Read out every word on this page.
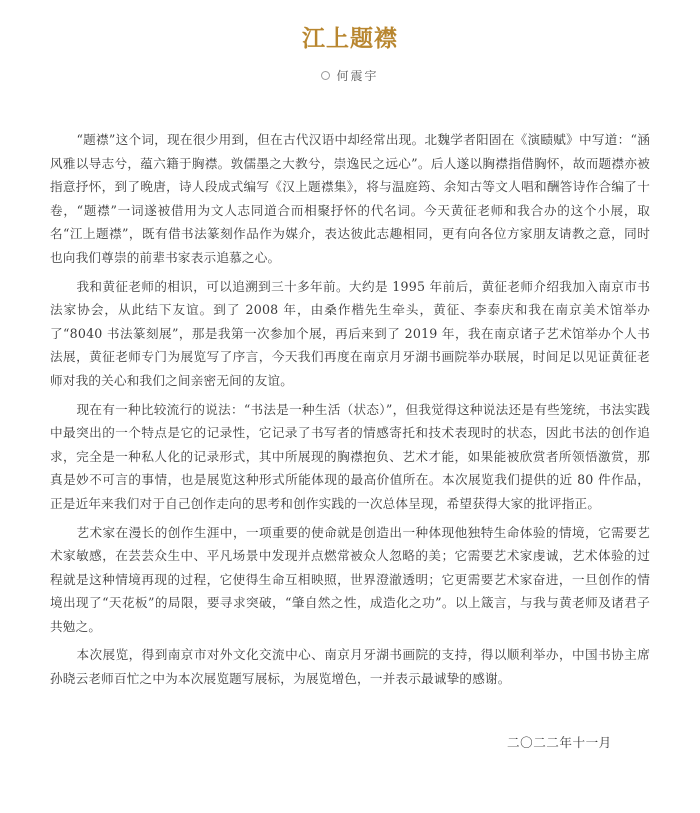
江上题襟
何震宇

“题襟”这个词，现在很少用到，但在古代汉语中却经常出现。北魏学者阳固在《演赜赋》中写道：“涵风雅以导志兮，蕴六籍于胸襟。敦儒墨之大教兮，崇逸民之远心”。后人遂以胸襟指借胸怀，故而题襟亦被指意抒怀，到了晚唐，诗人段成式编写《汉上题襟集》，将与温庭筠、余知古等文人唱和酬答诗作合编了十卷，“题襟”一词遂被借用为文人志同道合而相聚抒怀的代名词。今天黄征老师和我合办的这个小展，取名“江上题襟”，既有借书法篆刻作品作为媒介，表达彼此志趣相同，更有向各位方家朋友请教之意，同时也向我们尊崇的前辈书家表示追慕之心。

我和黄征老师的相识，可以追溯到三十多年前。大约是 1995 年前后，黄征老师介绍我加入南京市书法家协会，从此结下友谊。到了 2008 年，由桑作楷先生牵头，黄征、李泰庆和我在南京美术馆举办了“8040 书法篆刻展”，那是我第一次参加个展，再后来到了 2019 年，我在南京诸子艺术馆举办个人书法展，黄征老师专门为展览写了序言，今天我们再度在南京月牙湖书画院举办联展，时间足以见证黄征老师对我的关心和我们之间亲密无间的友谊。

现在有一种比较流行的说法：“书法是一种生活（状态）”，但我觉得这种说法还是有些笼统，书法实践中最突出的一个特点是它的记录性，它记录了书写者的情感寄托和技术表现时的状态，因此书法的创作追求，完全是一种私人化的记录形式，其中所展现的胸襟抱负、艺术才能，如果能被欣赏者所领悟激赏，那真是妙不可言的事情，也是展览这种形式所能体现的最高价值所在。本次展览我们提供的近 80 件作品，正是近年来我们对于自己创作走向的思考和创作实践的一次总体呈现，希望获得大家的批评指正。

艺术家在漫长的创作生涯中，一项重要的使命就是创造出一种体现他独特生命体验的情境，它需要艺术家敏感，在芸芸众生中、平凡场景中发现并点燃常被众人忽略的美；它需要艺术家虔诚，艺术体验的过程就是这种情境再现的过程，它使得生命互相映照，世界澄澈透明；它更需要艺术家奋进，一旦创作的情境出现了“天花板”的局限，要寻求突破，“肇自然之性，成造化之功”。以上箴言，与我与黄老师及诸君子共勉之。

本次展览，得到南京市对外文化交流中心、南京月牙湖书画院的支持，得以顺利举办，中国书协主席孙晓云老师百忙之中为本次展览题写展标，为展览增色，一并表示最诚挚的感谢。

二〇二二年十一月
